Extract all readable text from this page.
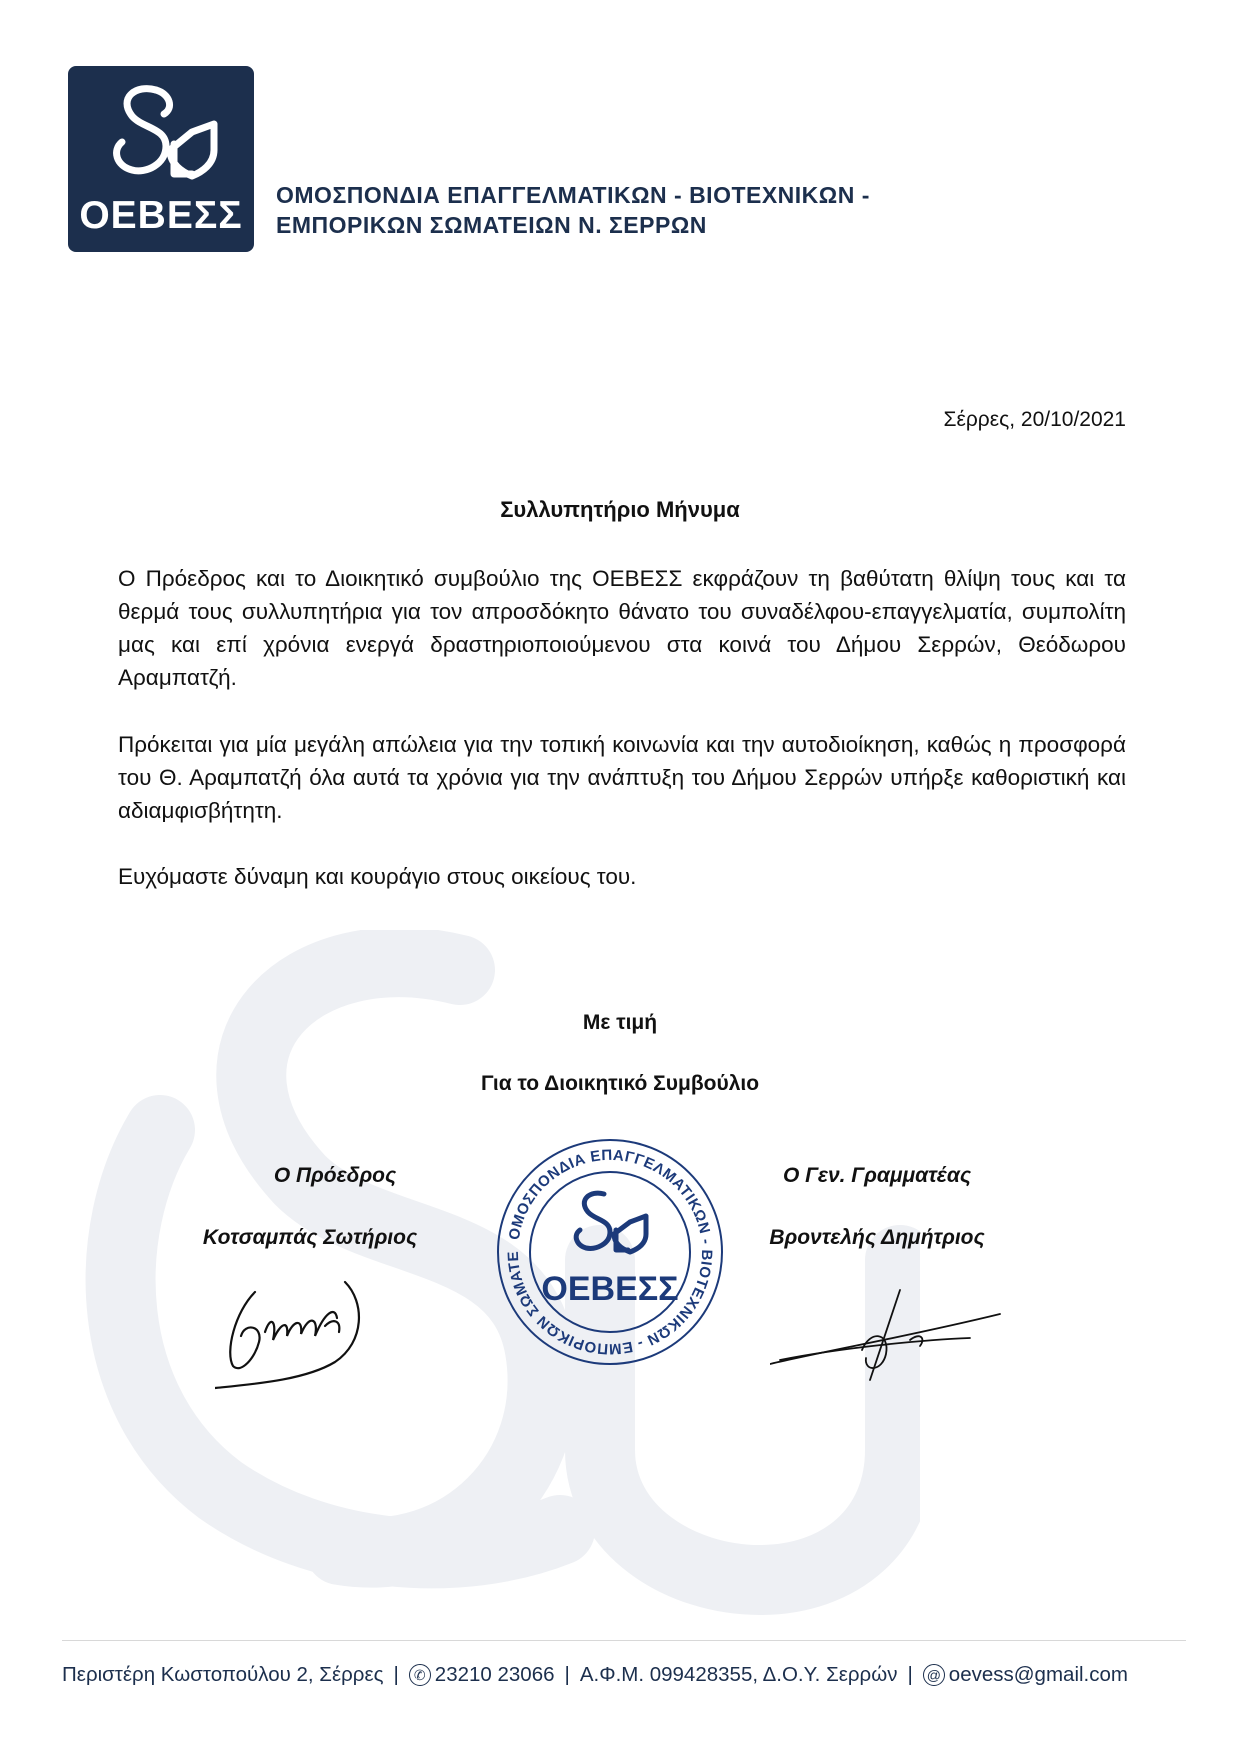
ΟΕΒΕΣΣ	ΟΜΟΣΠΟΝΔΙΑ ΕΠΑΓΓΕΛΜΑΤΙΚΩΝ - ΒΙΟΤΕΧΝΙΚΩΝ -
ΕΜΠΟΡΙΚΩΝ ΣΩΜΑΤΕΙΩΝ Ν. ΣΕΡΡΩΝ
Σέρρες, 20/10/2021
Συλλυπητήριο Μήνυμα
Ο Πρόεδρος και το Διοικητικό συμβούλιο της ΟΕΒΕΣΣ εκφράζουν τη βαθύτατη θλίψη τους και τα θερμά τους συλλυπητήρια για τον απροσδόκητο θάνατο του συναδέλφου-επαγγελματία, συμπολίτη μας και επί χρόνια ενεργά δραστηριοποιούμενου στα κοινά του Δήμου Σερρών, Θεόδωρου Αραμπατζή.
Πρόκειται για μία μεγάλη απώλεια για την τοπική κοινωνία και την αυτοδιοίκηση, καθώς η προσφορά του Θ. Αραμπατζή όλα αυτά τα χρόνια για την ανάπτυξη του Δήμου Σερρών υπήρξε καθοριστική και αδιαμφισβήτητη.
Ευχόμαστε δύναμη και κουράγιο στους οικείους του.
Με τιμή
Για το Διοικητικό Συμβούλιο
Ο Πρόεδρος
Κοτσαμπάς Σωτήριος
Ο Γεν. Γραμματέας
Βροντελής Δημήτριος
ΟΜΟΣΠΟΝΔΙΑ ΕΠΑΓΓΕΛΜΑΤΙΚΩΝ - ΒΙΟΤΕΧΝΙΚΩΝ - ΕΜΠΟΡΙΚΩΝ ΣΩΜΑΤΕ
ΟΕΒΕΣΣ
Περιστέρη Κωστοπούλου 2, Σέρρες |	✆ 23210 23066 | Α.Φ.Μ. 099428355, Δ.Ο.Υ. Σερρών | @ oevess@gmail.com
